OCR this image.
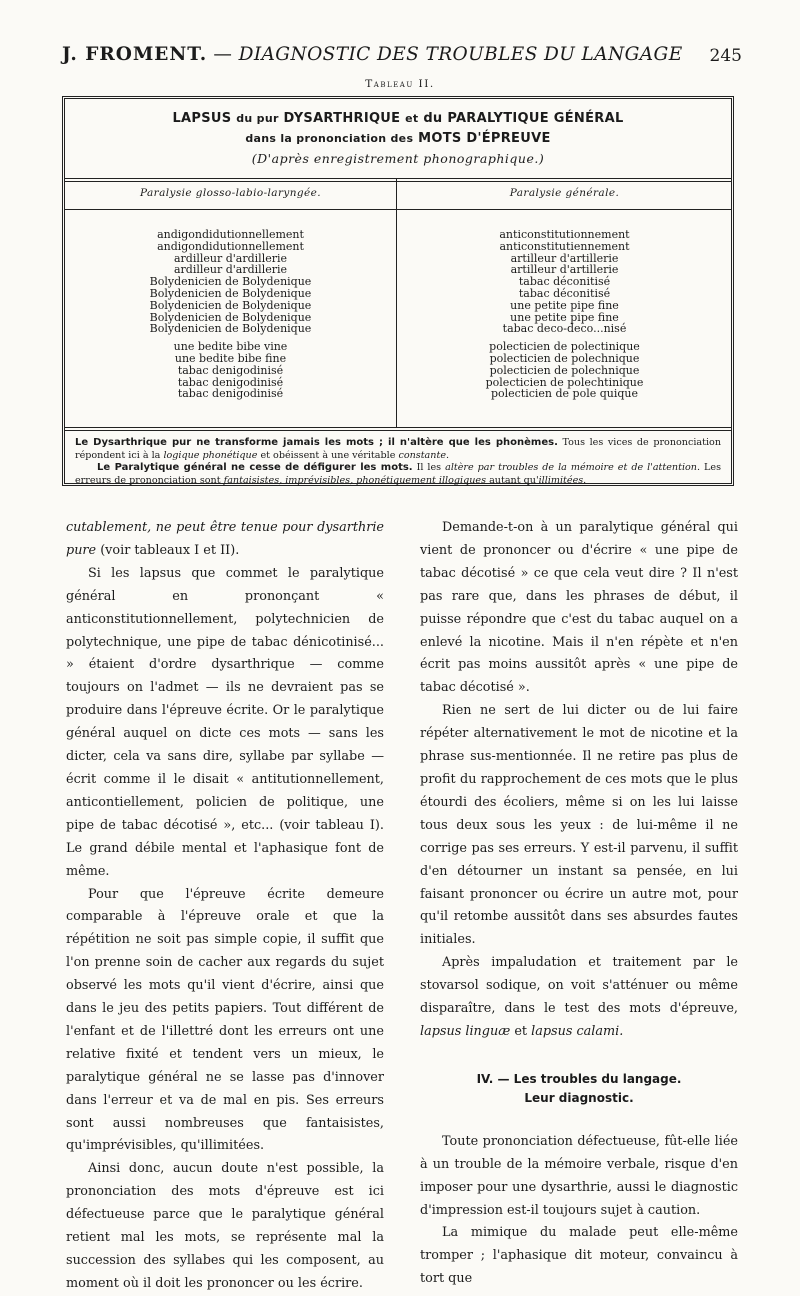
J. FROMENT. — DIAGNOSTIC DES TROUBLES DU LANGAGE 245
Tableau II.
LAPSUS du pur DYSARTHRIQUE et du PARALYTIQUE GÉNÉRAL
dans la prononciation des MOTS D'ÉPREUVE
(D'après enregistrement phonographique.)
Paralysie glosso-labio-laryngée.	Paralysie générale.
andigondidutionnellement
andigondidutionnellement
ardilleur d'ardillerie
ardilleur d'ardillerie
Bolydenicien de Bolydenique
Bolydenicien de Bolydenique
Bolydenicien de Bolydenique
Bolydenicien de Bolydenique
Bolydenicien de Bolydenique
une bedite bibe vine
une bedite bibe fine
tabac denigodinisé
tabac denigodinisé
tabac denigodinisé
anticonstitutionnement
anticonstitutiennement
artilleur d'artillerie
artilleur d'artillerie
tabac déconitisé
tabac déconitisé
une petite pipe fine
une petite pipe fine
tabac deco-deco...nisé
polecticien de polectinique
polecticien de polechnique
polecticien de polechnique
polecticien de polechtinique
polecticien de pole quique
Le Dysarthrique pur ne transforme jamais les mots ; il n'altère que les phonèmes. Tous les vices de prononciation répondent ici à la logique phonétique et obéissent à une véritable constante.
Le Paralytique général ne cesse de défigurer les mots. Il les altère par troubles de la mémoire et de l'attention. Les erreurs de prononciation sont fantaisistes, imprévisibles, phonétiquement illogiques autant qu'illimitées.

cutablement, ne peut être tenue pour dysarthrie pure (voir tableaux I et II).

Si les lapsus que commet le paralytique général en prononçant « anticonstitutionnellement, polytechnicien de polytechnique, une pipe de tabac dénicotinisé... » étaient d'ordre dysarthrique — comme toujours on l'admet — ils ne devraient pas se produire dans l'épreuve écrite. Or le paralytique général auquel on dicte ces mots — sans les dicter, cela va sans dire, syllabe par syllabe — écrit comme il le disait « antitutionnellement, anticontiellement, policien de politique, une pipe de tabac décotisé », etc... (voir tableau I). Le grand débile mental et l'aphasique font de même.

Pour que l'épreuve écrite demeure comparable à l'épreuve orale et que la répétition ne soit pas simple copie, il suffit que l'on prenne soin de cacher aux regards du sujet observé les mots qu'il vient d'écrire, ainsi que dans le jeu des petits papiers. Tout différent de l'enfant et de l'illettré dont les erreurs ont une relative fixité et tendent vers un mieux, le paralytique général ne se lasse pas d'innover dans l'erreur et va de mal en pis. Ses erreurs sont aussi nombreuses que fantaisistes, qu'imprévisibles, qu'illimitées.

Ainsi donc, aucun doute n'est possible, la prononciation des mots d'épreuve est ici défectueuse parce que le paralytique général retient mal les mots, se représente mal la succession des syllabes qui les composent, au moment où il doit les prononcer ou les écrire.

Demande-t-on à un paralytique général qui vient de prononcer ou d'écrire « une pipe de tabac décotisé » ce que cela veut dire ? Il n'est pas rare que, dans les phrases de début, il puisse répondre que c'est du tabac auquel on a enlevé la nicotine. Mais il n'en répète et n'en écrit pas moins aussitôt après « une pipe de tabac décotisé ».

Rien ne sert de lui dicter ou de lui faire répéter alternativement le mot de nicotine et la phrase sus-mentionnée. Il ne retire pas plus de profit du rapprochement de ces mots que le plus étourdi des écoliers, même si on les lui laisse tous deux sous les yeux : de lui-même il ne corrige pas ses erreurs. Y est-il parvenu, il suffit d'en détourner un instant sa pensée, en lui faisant prononcer ou écrire un autre mot, pour qu'il retombe aussitôt dans ses absurdes fautes initiales.

Après impaludation et traitement par le stovarsol sodique, on voit s'atténuer ou même disparaître, dans le test des mots d'épreuve, lapsus linguæ et lapsus calami.

IV. — Les troubles du langage.
Leur diagnostic.

Toute prononciation défectueuse, fût-elle liée à un trouble de la mémoire verbale, risque d'en imposer pour une dysarthrie, aussi le diagnostic d'impression est-il toujours sujet à caution.

La mimique du malade peut elle-même tromper ; l'aphasique dit moteur, convaincu à tort que
